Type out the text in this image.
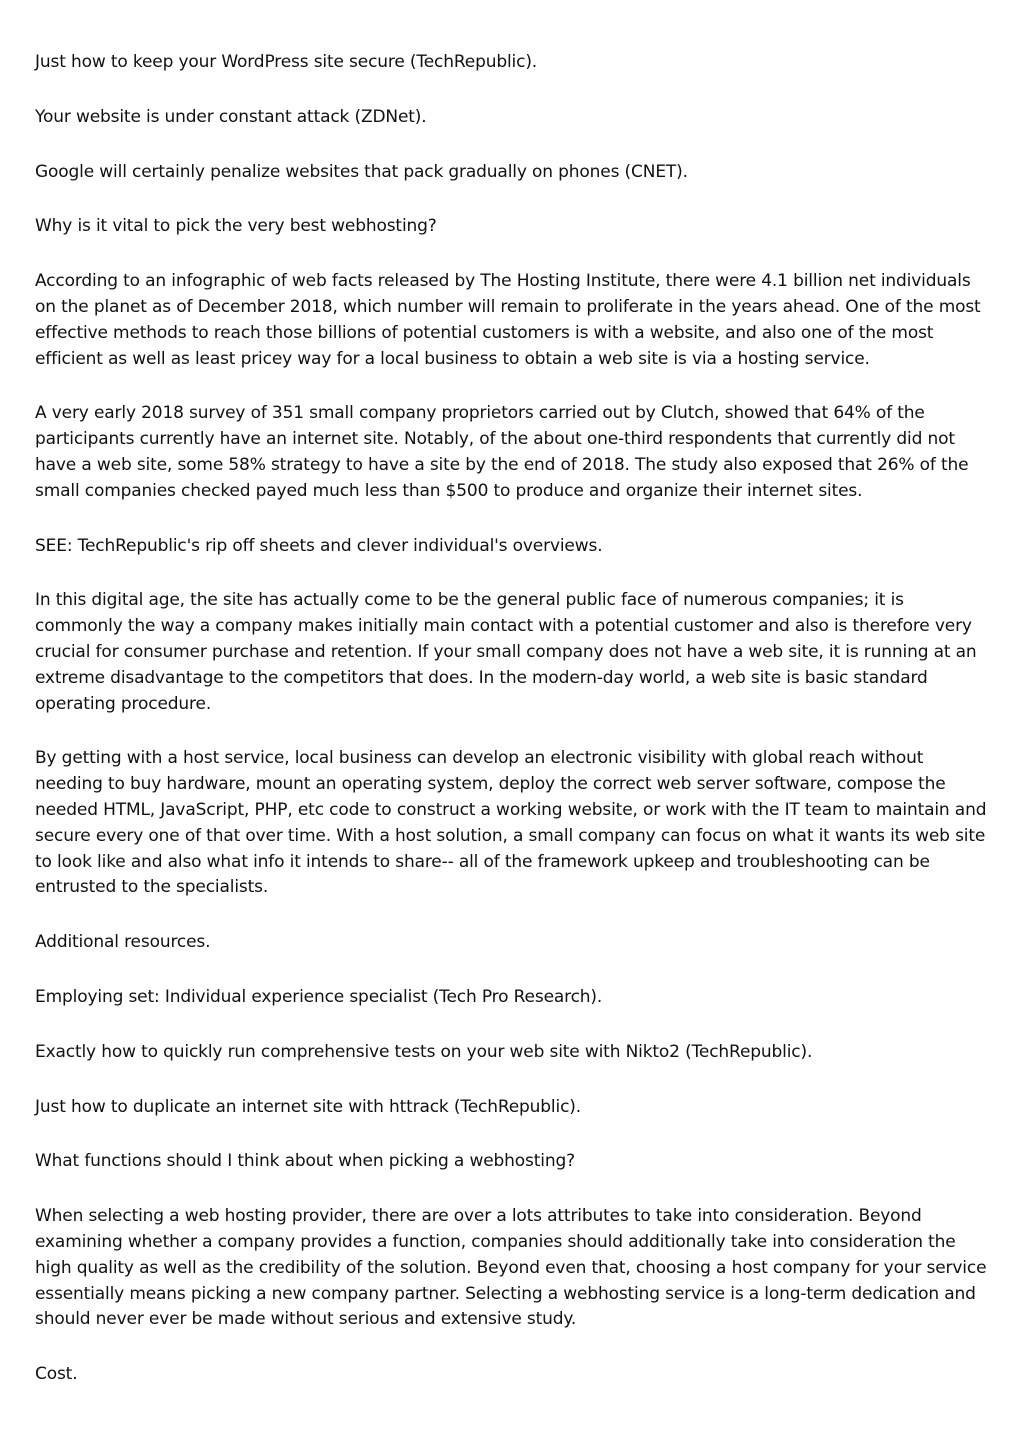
Just how to keep your WordPress site secure (TechRepublic).

Your website is under constant attack (ZDNet).

Google will certainly penalize websites that pack gradually on phones (CNET).

Why is it vital to pick the very best webhosting?

According to an infographic of web facts released by The Hosting Institute, there were 4.1 billion net individuals on the planet as of December 2018, which number will remain to proliferate in the years ahead. One of the most effective methods to reach those billions of potential customers is with a website, and also one of the most efficient as well as least pricey way for a local business to obtain a web site is via a hosting service.

A very early 2018 survey of 351 small company proprietors carried out by Clutch, showed that 64% of the participants currently have an internet site. Notably, of the about one-third respondents that currently did not have a web site, some 58% strategy to have a site by the end of 2018. The study also exposed that 26% of the small companies checked payed much less than $500 to produce and organize their internet sites.

SEE: TechRepublic's rip off sheets and clever individual's overviews.

In this digital age, the site has actually come to be the general public face of numerous companies; it is commonly the way a company makes initially main contact with a potential customer and also is therefore very crucial for consumer purchase and retention. If your small company does not have a web site, it is running at an extreme disadvantage to the competitors that does. In the modern-day world, a web site is basic standard operating procedure.

By getting with a host service, local business can develop an electronic visibility with global reach without needing to buy hardware, mount an operating system, deploy the correct web server software, compose the needed HTML, JavaScript, PHP, etc code to construct a working website, or work with the IT team to maintain and secure every one of that over time. With a host solution, a small company can focus on what it wants its web site to look like and also what info it intends to share-- all of the framework upkeep and troubleshooting can be entrusted to the specialists.

Additional resources.

Employing set: Individual experience specialist (Tech Pro Research).

Exactly how to quickly run comprehensive tests on your web site with Nikto2 (TechRepublic).

Just how to duplicate an internet site with httrack (TechRepublic).

What functions should I think about when picking a webhosting?

When selecting a web hosting provider, there are over a lots attributes to take into consideration. Beyond examining whether a company provides a function, companies should additionally take into consideration the high quality as well as the credibility of the solution. Beyond even that, choosing a host company for your service essentially means picking a new company partner. Selecting a webhosting service is a long-term dedication and should never ever be made without serious and extensive study.

Cost.
